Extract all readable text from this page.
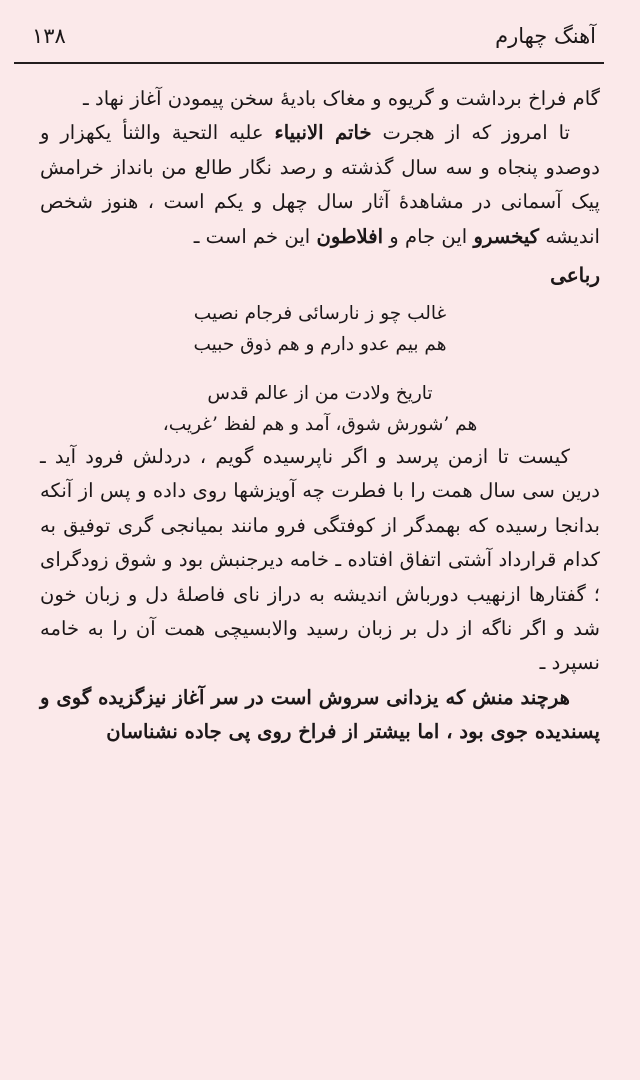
۱۳۸	آهنگ چهارم

گام فراخ برداشت و گریوه و مغاک بادیهٔ سخن پیمودن آغاز نهاد ـ

تا امروز که از هجرت خاتم الانبیاء علیه التحیة والثنأ یکهزار و دوصدو پنجاه و سه سال گذشته و رصد نگار طالع من بانداز خرامش پیک آسمانی در مشاهدهٔ آثار سال چهل و یکم است ، هنوز شخص اندیشه کیخسرو این جام و افلاطون این خم است ـ

رباعی
غالب چو ز نارسائی فرجام نصیب
هم بیم عدو دارم و هم ذوق حبیب
تاریخ ولادت من از عالم قدس
هم ’شورش شوق، آمد و هم لفظ ’غریب،

کیست تا ازمن پرسد و اگر ناپرسیده گویم ، دردلش فرود آید ـ درین سی سال همت را با فطرت چه آویزشها روی داده و پس از آنکه بدانجا رسیده که بهمدگر از کوفتگی فرو مانند بمیانجی گری توفیق به کدام قرارداد آشتی اتفاق افتاده ـ خامه دیرجنبش بود و شوق زودگرای ؛ گفتارها ازنهیب دورباش اندیشه به دراز نای فاصلهٔ دل و زبان خون شد و اگر ناگه از دل بر زبان رسید والابسیچی همت آن را به خامه نسپرد ـ

هرچند منش که یزدانی سروش است در سر آغاز نیزگزیده گوی و پسندیده جوی بود ، اما بیشتر از فراخ روی پی جاده نشناسان
